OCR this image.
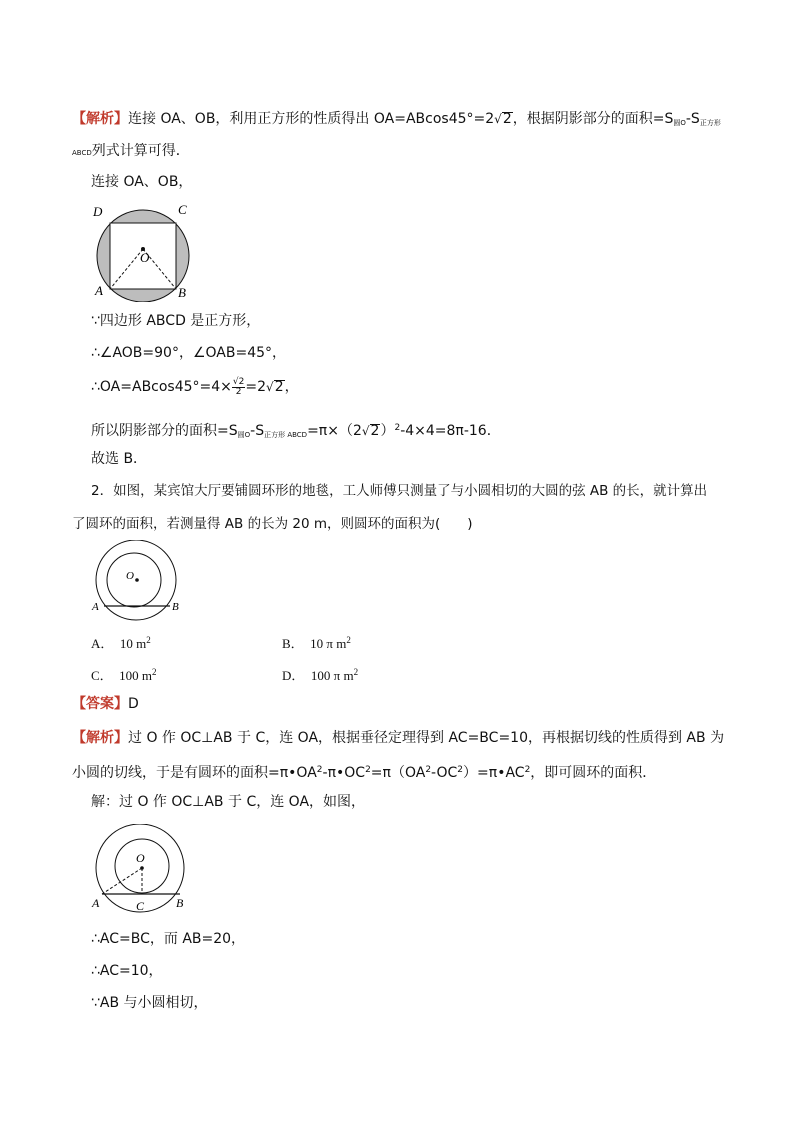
【解析】连接 OA、OB，利用正方形的性质得出 OA=ABcos45°=2√2，根据阴影部分的面积$=S_{圆O}-S_{正方形}$
ABCD列式计算可得．
连接 OA、OB，
D	C
O
A	B
∵四边形 ABCD 是正方形，
∴∠AOB=90°，∠OAB=45°，
∴OA=ABcos45°=4× $\frac{√2}{2} =2√2$，
所以阴影部分的面积$=S_{圆O}-S_{正方形 ABCD}=\pi\times(2√2)^2-4\times 4=8\pi-16$．
故选 B．
2．如图，某宾馆大厅要铺圆环形的地毯，工人师傅只测量了与小圆相切的大圆的弦 AB 的长，就计算出
了圆环的面积，若测量得 AB 的长为 20 m，则圆环的面积为(　　)
O
A	B
A． 10 $m^2$	B． 10 π $m^2$
C． 100 $m^2$	D． 100 π $m^2$
【答案】D
【解析】过 O 作 OC⊥AB 于 C，连 OA，根据垂径定理得到 AC=BC=10，再根据切线的性质得到 AB 为
小圆的切线，于是有圆环的面积$=\pi•OA^2-\pi•OC^2=\pi(OA^2-OC^2)=\pi•AC^2$，即可圆环的面积．
解：过 O 作 OC⊥AB 于 C，连 OA，如图，
O
A	B
C
∴AC=BC，而 AB=20，
∴AC=10，
∵AB 与小圆相切，
